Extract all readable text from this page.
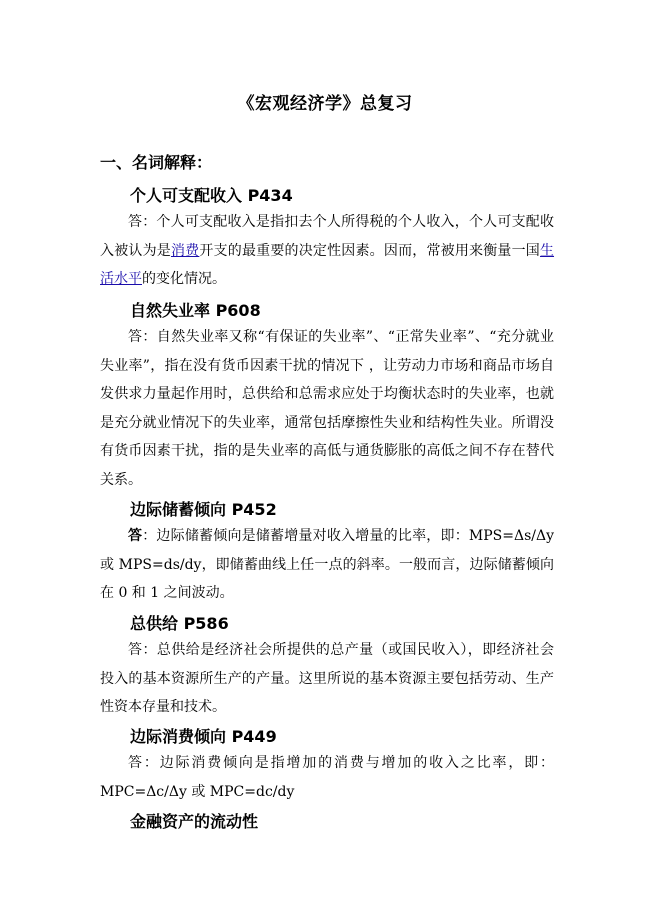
《宏观经济学》总复习
一、名词解释：
个人可支配收入 P434

答：个人可支配收入是指扣去个人所得税的个人收入，个人可支配收入被认为是消费开支的最重要的决定性因素。因而，常被用来衡量一国生活水平的变化情况。

自然失业率 P608

答：自然失业率又称“有保证的失业率”、“正常失业率”、“充分就业失业率”，指在没有货币因素干扰的情况下 ，让劳动力市场和商品市场自发供求力量起作用时，总供给和总需求应处于均衡状态时的失业率，也就是充分就业情况下的失业率，通常包括摩擦性失业和结构性失业。所谓没有货币因素干扰，指的是失业率的高低与通货膨胀的高低之间不存在替代关系。

边际储蓄倾向 P452

答：边际储蓄倾向是储蓄增量对收入增量的比率，即：MPS=Δs/Δy 或 MPS=ds/dy，即储蓄曲线上任一点的斜率。一般而言，边际储蓄倾向在 0 和 1 之间波动。

总供给 P586

答：总供给是经济社会所提供的总产量（或国民收入），即经济社会投入的基本资源所生产的产量。这里所说的基本资源主要包括劳动、生产性资本存量和技术。

边际消费倾向 P449

答：边际消费倾向是指增加的消费与增加的收入之比率，即：MPC=Δc/Δy 或 MPC=dc/dy

金融资产的流动性
